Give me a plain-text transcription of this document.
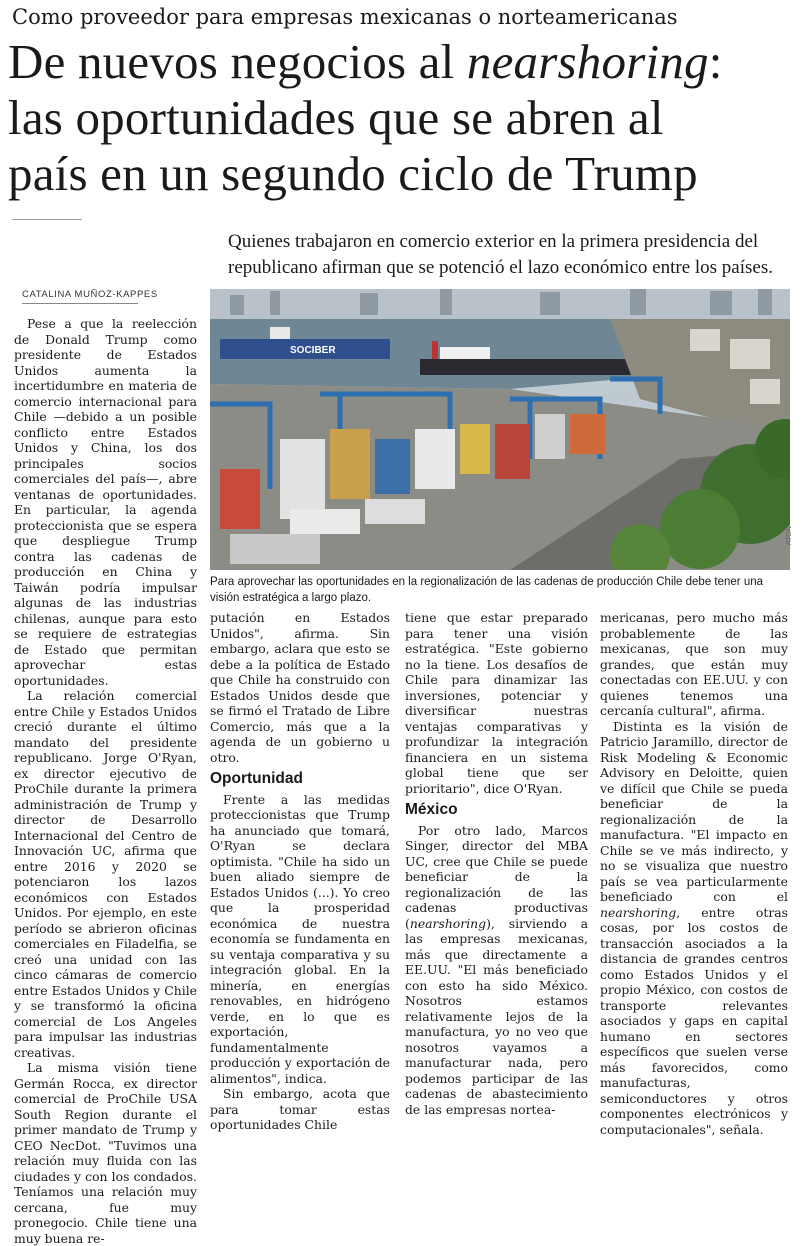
Como proveedor para empresas mexicanas o norteamericanas
De nuevos negocios al nearshoring:
las oportunidades que se abren al
país en un segundo ciclo de Trump
Quienes trabajaron en comercio exterior en la primera presidencia del republicano afirman que se potenció el lazo económico entre los países.
CATALINA MUÑOZ-KAPPES
SOCIBER
ATON
Para aprovechar las oportunidades en la regionalización de las cadenas de producción Chile debe tener una visión estratégica a largo plazo.

Pese a que la reelección de Donald Trump como presidente de Estados Unidos aumenta la incertidumbre en materia de comercio internacional para Chile —debido a un posible conflicto entre Estados Unidos y China, los dos principales socios comerciales del país—, abre ventanas de oportunidades. En particular, la agenda proteccionista que se espera que despliegue Trump contra las cadenas de producción en China y Taiwán podría impulsar algunas de las industrias chilenas, aunque para esto se requiere de estrategias de Estado que permitan aprovechar estas oportunidades.

La relación comercial entre Chile y Estados Unidos creció durante el último mandato del presidente republicano. Jorge O'Ryan, ex director ejecutivo de ProChile durante la primera administración de Trump y director de Desarrollo Internacional del Centro de Innovación UC, afirma que entre 2016 y 2020 se potenciaron los lazos económicos con Estados Unidos. Por ejemplo, en este período se abrieron oficinas comerciales en Filadelfia, se creó una unidad con las cinco cámaras de comercio entre Estados Unidos y Chile y se transformó la oficina comercial de Los Angeles para impulsar las industrias creativas.

La misma visión tiene Germán Rocca, ex director comercial de ProChile USA South Region durante el primer mandato de Trump y CEO NecDot. "Tuvimos una relación muy fluida con las ciudades y con los condados. Teníamos una relación muy cercana, fue muy pronegocio. Chile tiene una muy buena re-

putación en Estados Unidos", afirma. Sin embargo, aclara que esto se debe a la política de Estado que Chile ha construido con Estados Unidos desde que se firmó el Tratado de Libre Comercio, más que a la agenda de un gobierno u otro.

Oportunidad

Frente a las medidas proteccionistas que Trump ha anunciado que tomará, O'Ryan se declara optimista. "Chile ha sido un buen aliado siempre de Estados Unidos (...). Yo creo que la prosperidad económica de nuestra economía se fundamenta en su ventaja comparativa y su integración global. En la minería, en energías renovables, en hidrógeno verde, en lo que es exportación, fundamentalmente producción y exportación de alimentos", indica.

Sin embargo, acota que para tomar estas oportunidades Chile

tiene que estar preparado para tener una visión estratégica. "Este gobierno no la tiene. Los desafíos de Chile para dinamizar las inversiones, potenciar y diversificar nuestras ventajas comparativas y profundizar la integración financiera en un sistema global tiene que ser prioritario", dice O'Ryan.

México

Por otro lado, Marcos Singer, director del MBA UC, cree que Chile se puede beneficiar de la regionalización de las cadenas productivas (nearshoring), sirviendo a las empresas mexicanas, más que directamente a EE.UU. "El más beneficiado con esto ha sido México. Nosotros estamos relativamente lejos de la manufactura, yo no veo que nosotros vayamos a manufacturar nada, pero podemos participar de las cadenas de abastecimiento de las empresas nortea-

mericanas, pero mucho más probablemente de las mexicanas, que son muy grandes, que están muy conectadas con EE.UU. y con quienes tenemos una cercanía cultural", afirma.

Distinta es la visión de Patricio Jaramillo, director de Risk Modeling & Economic Advisory en Deloitte, quien ve difícil que Chile se pueda beneficiar de la regionalización de la manufactura. "El impacto en Chile se ve más indirecto, y no se visualiza que nuestro país se vea particularmente beneficiado con el nearshoring, entre otras cosas, por los costos de transacción asociados a la distancia de grandes centros como Estados Unidos y el propio México, con costos de transporte relevantes asociados y gaps en capital humano en sectores específicos que suelen verse más favorecidos, como manufacturas, semiconductores y otros componentes electrónicos y computacionales", señala.
